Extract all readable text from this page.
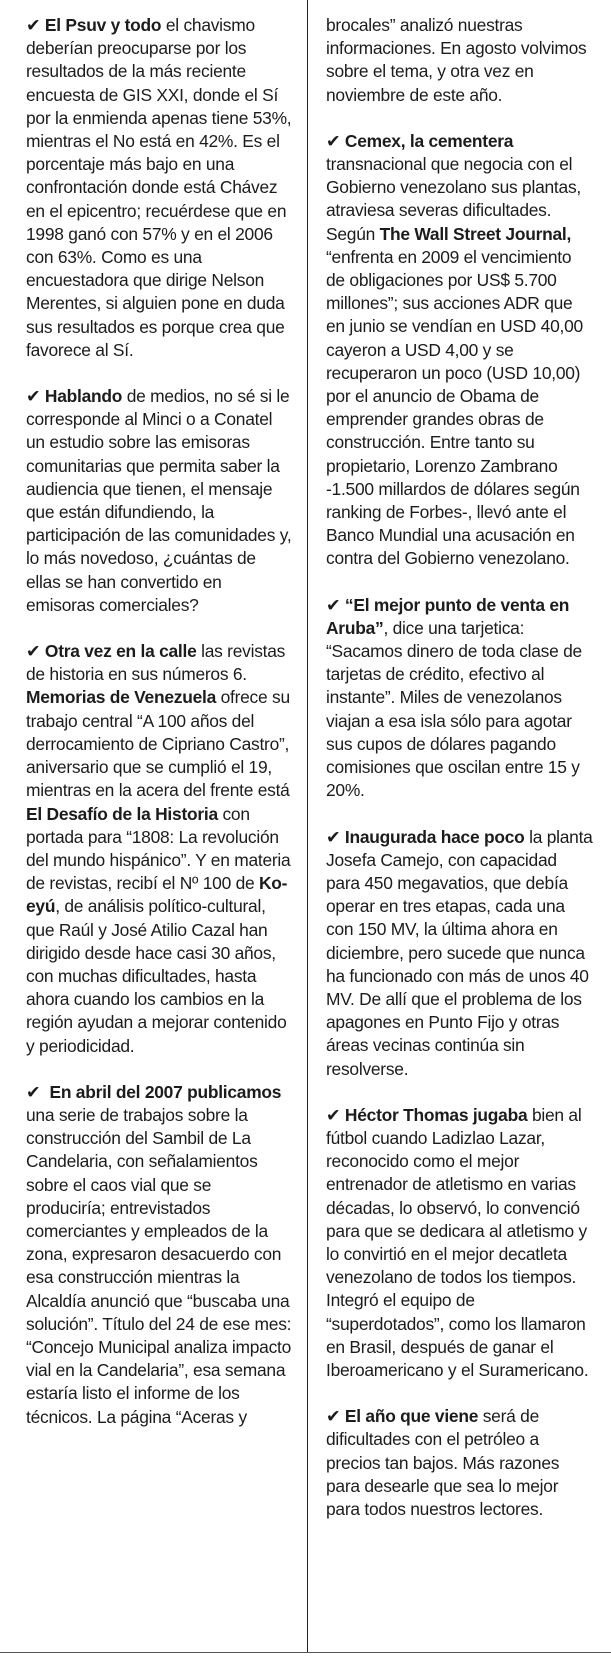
✔ El Psuv y todo el chavismo deberían preocuparse por los resultados de la más reciente encuesta de GIS XXI, donde el Sí por la enmienda apenas tiene 53%, mientras el No está en 42%. Es el porcentaje más bajo en una confrontación donde está Chávez en el epicentro; recuérdese que en 1998 ganó con 57% y en el 2006 con 63%. Como es una encuestadora que dirige Nelson Merentes, si alguien pone en duda sus resultados es porque crea que favorece al Sí.

✔ Hablando de medios, no sé si le corresponde al Minci o a Conatel un estudio sobre las emisoras comunitarias que permita saber la audiencia que tienen, el mensaje que están difundiendo, la participación de las comunidades y, lo más novedoso, ¿cuántas de ellas se han convertido en emisoras comerciales?

✔ Otra vez en la calle las revistas de historia en sus números 6. Memorias de Venezuela ofrece su trabajo central “A 100 años del derrocamiento de Cipriano Castro”, aniversario que se cumplió el 19, mientras en la acera del frente está El Desafío de la Historia con portada para “1808: La revolución del mundo hispánico”. Y en materia de revistas, recibí el Nº 100 de Ko-eyú, de análisis político-cultural, que Raúl y José Atilio Cazal han dirigido desde hace casi 30 años, con muchas dificultades, hasta ahora cuando los cambios en la región ayudan a mejorar contenido y periodicidad.

✔ En abril del 2007 publicamos una serie de trabajos sobre la construcción del Sambil de La Candelaria, con señalamientos sobre el caos vial que se produciría; entrevistados comerciantes y empleados de la zona, expresaron desacuerdo con esa construcción mientras la Alcaldía anunció que “buscaba una solución”. Título del 24 de ese mes: “Concejo Municipal analiza impacto vial en la Candelaria”, esa semana estaría listo el informe de los técnicos. La página “Aceras y

brocales” analizó nuestras informaciones. En agosto volvimos sobre el tema, y otra vez en noviembre de este año.

✔ Cemex, la cementera transnacional que negocia con el Gobierno venezolano sus plantas, atraviesa severas dificultades. Según The Wall Street Journal, “enfrenta en 2009 el vencimiento de obligaciones por US$ 5.700 millones”; sus acciones ADR que en junio se vendían en USD 40,00 cayeron a USD 4,00 y se recuperaron un poco (USD 10,00) por el anuncio de Obama de emprender grandes obras de construcción. Entre tanto su propietario, Lorenzo Zambrano -1.500 millardos de dólares según ranking de Forbes-, llevó ante el Banco Mundial una acusación en contra del Gobierno venezolano.

✔ “El mejor punto de venta en Aruba”, dice una tarjetica: “Sacamos dinero de toda clase de tarjetas de crédito, efectivo al instante”. Miles de venezolanos viajan a esa isla sólo para agotar sus cupos de dólares pagando comisiones que oscilan entre 15 y 20%.

✔ Inaugurada hace poco la planta Josefa Camejo, con capacidad para 450 megavatios, que debía operar en tres etapas, cada una con 150 MV, la última ahora en diciembre, pero sucede que nunca ha funcionado con más de unos 40 MV. De allí que el problema de los apagones en Punto Fijo y otras áreas vecinas continúa sin resolverse.

✔ Héctor Thomas jugaba bien al fútbol cuando Ladizlao Lazar, reconocido como el mejor entrenador de atletismo en varias décadas, lo observó, lo convenció para que se dedicara al atletismo y lo convirtió en el mejor decatleta venezolano de todos los tiempos. Integró el equipo de “superdotados”, como los llamaron en Brasil, después de ganar el Iberoamericano y el Suramericano.

✔ El año que viene será de dificultades con el petróleo a precios tan bajos. Más razones para desearle que sea lo mejor para todos nuestros lectores.
